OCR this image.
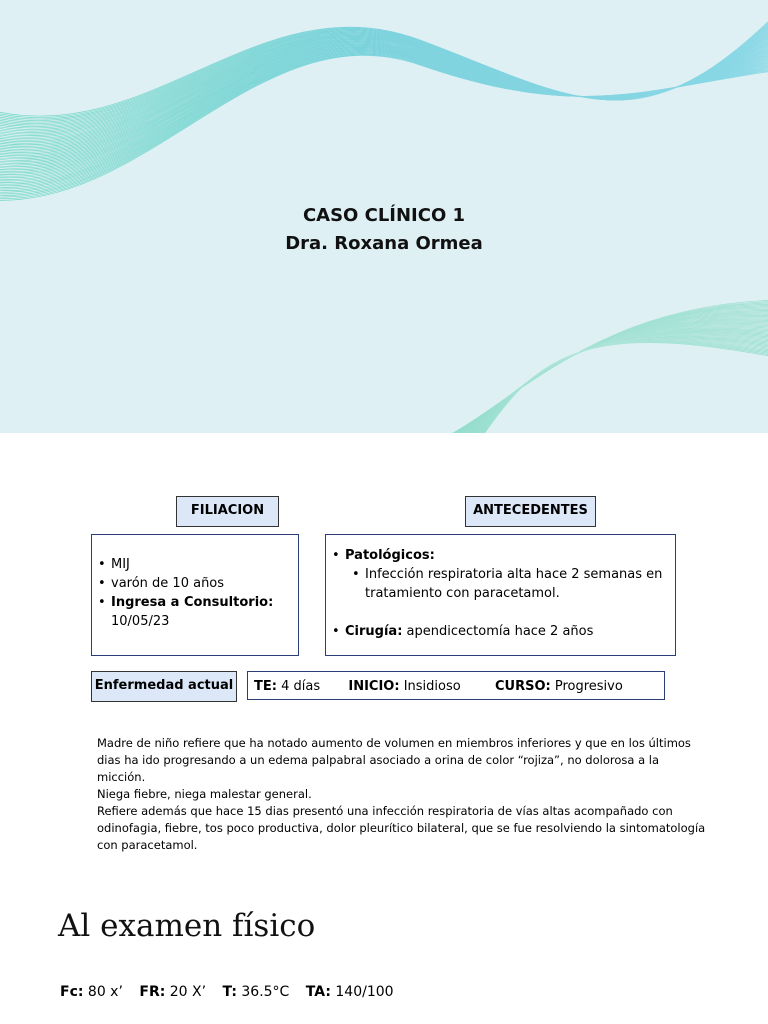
CASO CLÍNICO 1
Dra. Roxana Ormea
FILIACION	ANTECEDENTES
• MIJ
• varón de 10 años
• Ingresa a Consultorio:
10/05/23
• Patológicos:
• Infección respiratoria alta hace 2 semanas en tratamiento con paracetamol.
• Cirugía: apendicectomía hace 2 años
Enfermedad actual	TE: 4 días INICIO: Insidioso	CURSO: Progresivo

Madre de niño refiere que ha notado aumento de volumen en miembros inferiores y que en los últimos dias ha ido progresando a un edema palpabral asociado a orina de color “rojiza”, no dolorosa a la micción.

Niega fiebre, niega malestar general.

Refiere además que hace 15 dias presentó una infección respiratoria de vías altas acompañado con odinofagia, fiebre, tos poco productiva, dolor pleurítico bilateral, que se fue resolviendo la sintomatología con paracetamol.

Al examen físico
Fc: 80 x’ FR: 20 X’ T: 36.5°C TA: 140/100
